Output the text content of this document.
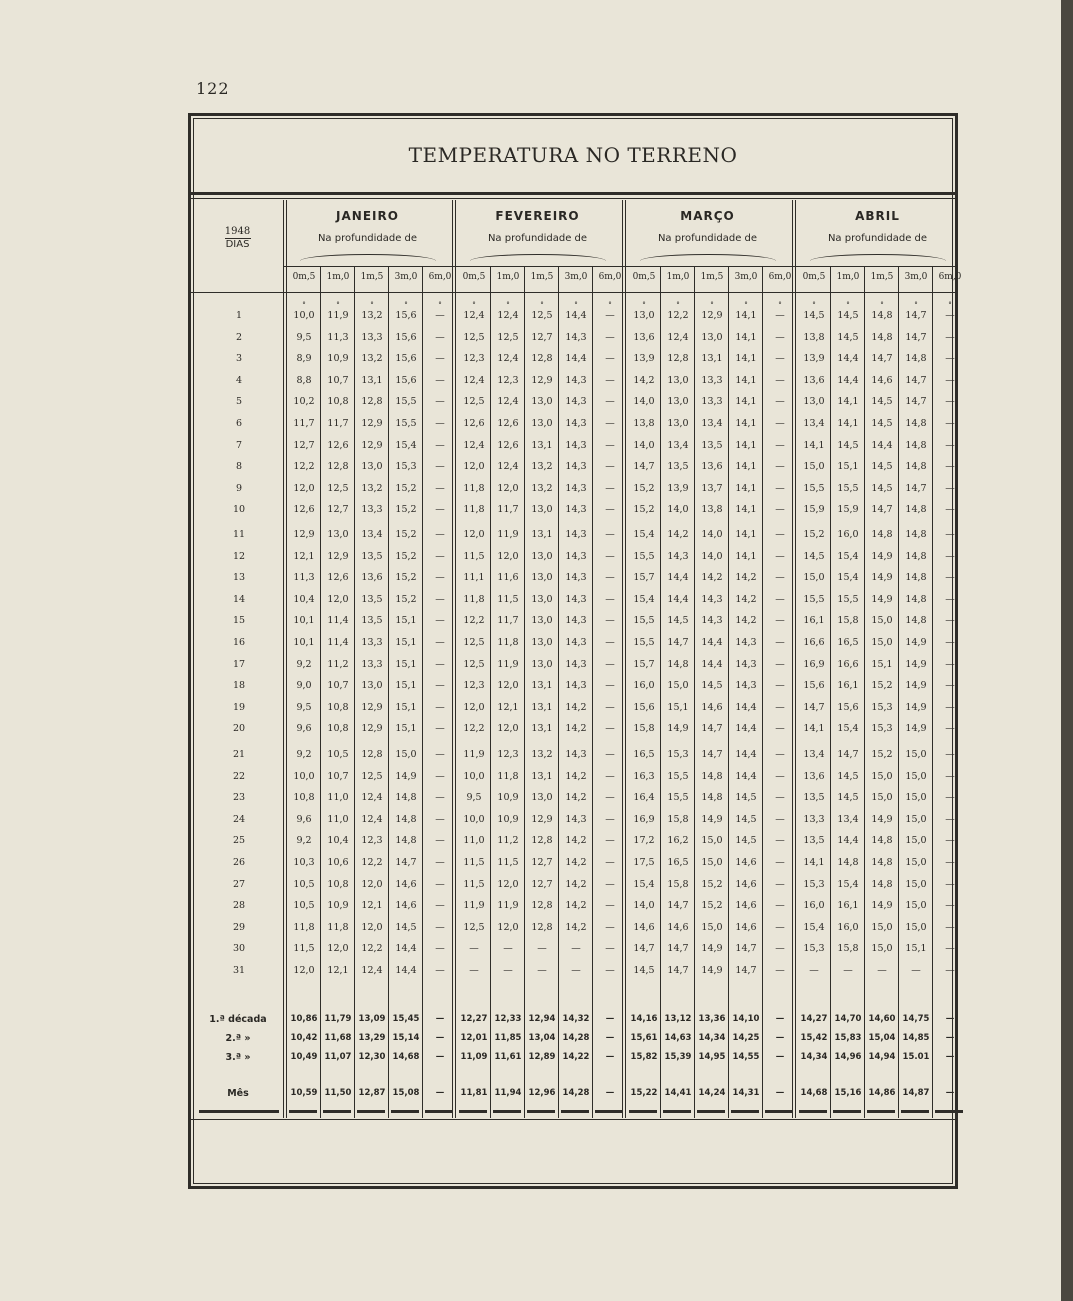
122
TEMPERATURA NO TERRENO
1948
DIAS
JANEIRO
Na profundidade de
0m,5	1m,0	1m,5	3m,0	6m,0
FEVEREIRO
Na profundidade de
0m,5	1m,0	1m,5	3m,0	6m,0
MARÇO
Na profundidade de
0m,5	1m,0	1m,5	3m,0	6m,0
ABRIL
Na profundidade de
0m,5	1m,0	1m,5	3m,0	6m,0
°	°	°	°	°	°	°	°	°	°	°	°	°	°	°	°	°	°	°	°
1	10,0	11,9	13,2	15,6	—	12,4	12,4	12,5	14,4	—	13,0	12,2	12,9	14,1	—	14,5	14,5	14,8	14,7	—
2	9,5	11,3	13,3	15,6	—	12,5	12,5	12,7	14,3	—	13,6	12,4	13,0	14,1	—	13,8	14,5	14,8	14,7	—
3	8,9	10,9	13,2	15,6	—	12,3	12,4	12,8	14,4	—	13,9	12,8	13,1	14,1	—	13,9	14,4	14,7	14,8	—
4	8,8	10,7	13,1	15,6	—	12,4	12,3	12,9	14,3	—	14,2	13,0	13,3	14,1	—	13,6	14,4	14,6	14,7	—
5	10,2	10,8	12,8	15,5	—	12,5	12,4	13,0	14,3	—	14,0	13,0	13,3	14,1	—	13,0	14,1	14,5	14,7	—
6	11,7	11,7	12,9	15,5	—	12,6	12,6	13,0	14,3	—	13,8	13,0	13,4	14,1	—	13,4	14,1	14,5	14,8	—
7	12,7	12,6	12,9	15,4	—	12,4	12,6	13,1	14,3	—	14,0	13,4	13,5	14,1	—	14,1	14,5	14,4	14,8	—
8	12,2	12,8	13,0	15,3	—	12,0	12,4	13,2	14,3	—	14,7	13,5	13,6	14,1	—	15,0	15,1	14,5	14,8	—
9	12,0	12,5	13,2	15,2	—	11,8	12,0	13,2	14,3	—	15,2	13,9	13,7	14,1	—	15,5	15,5	14,5	14,7	—
10	12,6	12,7	13,3	15,2	—	11,8	11,7	13,0	14,3	—	15,2	14,0	13,8	14,1	—	15,9	15,9	14,7	14,8	—
11	12,9	13,0	13,4	15,2	—	12,0	11,9	13,1	14,3	—	15,4	14,2	14,0	14,1	—	15,2	16,0	14,8	14,8	—
12	12,1	12,9	13,5	15,2	—	11,5	12,0	13,0	14,3	—	15,5	14,3	14,0	14,1	—	14,5	15,4	14,9	14,8	—
13	11,3	12,6	13,6	15,2	—	11,1	11,6	13,0	14,3	—	15,7	14,4	14,2	14,2	—	15,0	15,4	14,9	14,8	—
14	10,4	12,0	13,5	15,2	—	11,8	11,5	13,0	14,3	—	15,4	14,4	14,3	14,2	—	15,5	15,5	14,9	14,8	—
15	10,1	11,4	13,5	15,1	—	12,2	11,7	13,0	14,3	—	15,5	14,5	14,3	14,2	—	16,1	15,8	15,0	14,8	—
16	10,1	11,4	13,3	15,1	—	12,5	11,8	13,0	14,3	—	15,5	14,7	14,4	14,3	—	16,6	16,5	15,0	14,9	—
17	9,2	11,2	13,3	15,1	—	12,5	11,9	13,0	14,3	—	15,7	14,8	14,4	14,3	—	16,9	16,6	15,1	14,9	—
18	9,0	10,7	13,0	15,1	—	12,3	12,0	13,1	14,3	—	16,0	15,0	14,5	14,3	—	15,6	16,1	15,2	14,9	—
19	9,5	10,8	12,9	15,1	—	12,0	12,1	13,1	14,2	—	15,6	15,1	14,6	14,4	—	14,7	15,6	15,3	14,9	—
20	9,6	10,8	12,9	15,1	—	12,2	12,0	13,1	14,2	—	15,8	14,9	14,7	14,4	—	14,1	15,4	15,3	14,9	—
21	9,2	10,5	12,8	15,0	—	11,9	12,3	13,2	14,3	—	16,5	15,3	14,7	14,4	—	13,4	14,7	15,2	15,0	—
22	10,0	10,7	12,5	14,9	—	10,0	11,8	13,1	14,2	—	16,3	15,5	14,8	14,4	—	13,6	14,5	15,0	15,0	—
23	10,8	11,0	12,4	14,8	—	9,5	10,9	13,0	14,2	—	16,4	15,5	14,8	14,5	—	13,5	14,5	15,0	15,0	—
24	9,6	11,0	12,4	14,8	—	10,0	10,9	12,9	14,3	—	16,9	15,8	14,9	14,5	—	13,3	13,4	14,9	15,0	—
25	9,2	10,4	12,3	14,8	—	11,0	11,2	12,8	14,2	—	17,2	16,2	15,0	14,5	—	13,5	14,4	14,8	15,0	—
26	10,3	10,6	12,2	14,7	—	11,5	11,5	12,7	14,2	—	17,5	16,5	15,0	14,6	—	14,1	14,8	14,8	15,0	—
27	10,5	10,8	12,0	14,6	—	11,5	12,0	12,7	14,2	—	15,4	15,8	15,2	14,6	—	15,3	15,4	14,8	15,0	—
28	10,5	10,9	12,1	14,6	—	11,9	11,9	12,8	14,2	—	14,0	14,7	15,2	14,6	—	16,0	16,1	14,9	15,0	—
29	11,8	11,8	12,0	14,5	—	12,5	12,0	12,8	14,2	—	14,6	14,6	15,0	14,6	—	15,4	16,0	15,0	15,0	—
30	11,5	12,0	12,2	14,4	—	—	—	—	—	—	14,7	14,7	14,9	14,7	—	15,3	15,8	15,0	15,1	—
31	12,0	12,1	12,4	14,4	—	—	—	—	—	—	14,5	14,7	14,9	14,7	—	—	—	—	—	—
1.ª década	10,86 11,79 13,09 15,45	—	12,27 12,33 12,94 14,32	—	14,16 13,12 13,36 14,10	—	14,27 14,70 14,60 14,75	—
2.ª »	10,42 11,68 13,29 15,14	—	12,01 11,85 13,04 14,28	—	15,61 14,63 14,34 14,25	—	15,42 15,83 15,04 14,85	—
3.ª »	10,49 11,07 12,30 14,68	—	11,09 11,61 12,89 14,22	—	15,82 15,39 14,95 14,55	—	14,34 14,96 14,94 15.01	—
Mês	10,59 11,50 12,87 15,08	—	11,81 11,94 12,96 14,28	—	15,22 14,41 14,24 14,31	—	14,68 15,16 14,86 14,87	—
